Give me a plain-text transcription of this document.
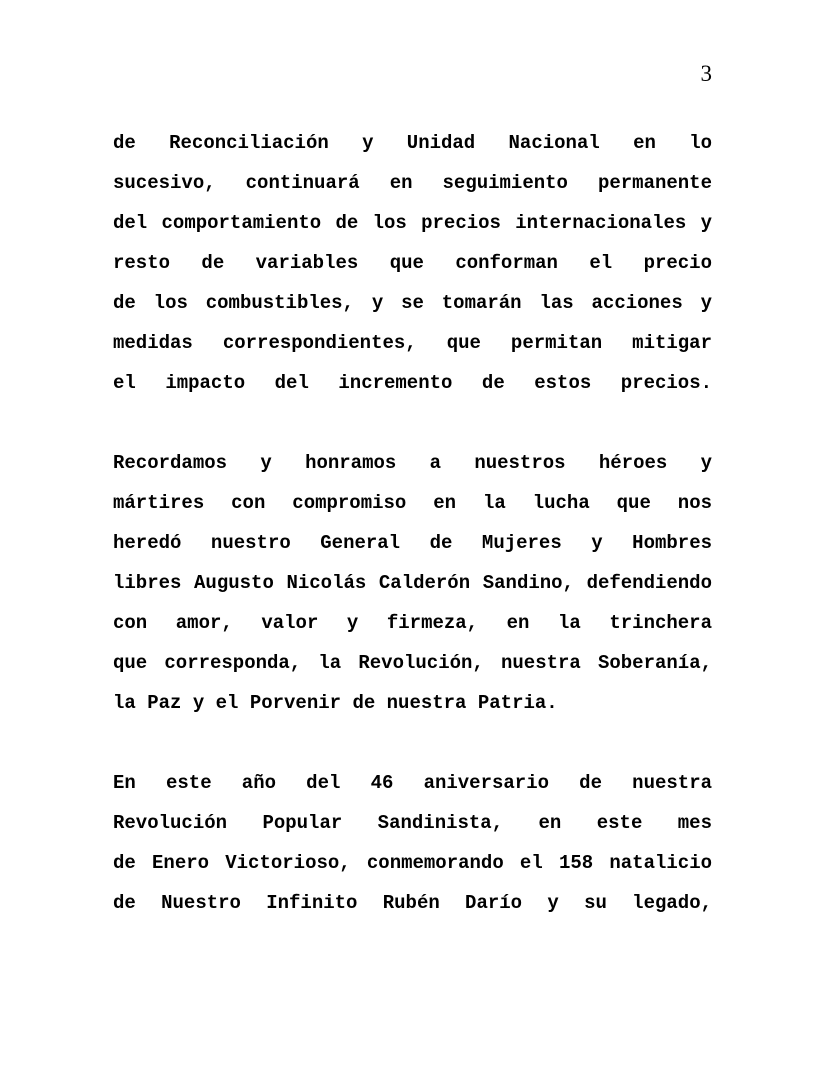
3

de Reconciliación y Unidad Nacional en lo
sucesivo, continuará en seguimiento permanente
del comportamiento de los precios internacionales y
resto de variables que conforman el precio
de los combustibles, y se tomarán las acciones y
medidas correspondientes, que permitan mitigar
el impacto del incremento de estos precios.

Recordamos y honramos a nuestros héroes y
mártires con compromiso en la lucha que nos
heredó nuestro General de Mujeres y Hombres
libres Augusto Nicolás Calderón Sandino, defendiendo
con amor, valor y firmeza, en la trinchera
que corresponda, la Revolución, nuestra Soberanía,
la Paz y el Porvenir de nuestra Patria.

En este año del 46 aniversario de nuestra
Revolución Popular Sandinista, en este mes
de Enero Victorioso, conmemorando el 158 natalicio
de Nuestro Infinito Rubén Darío y su legado,
